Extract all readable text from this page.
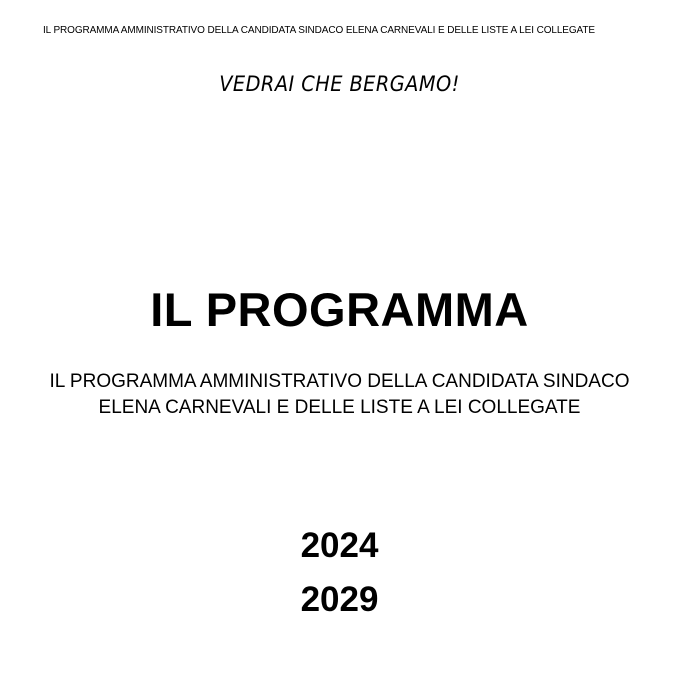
IL PROGRAMMA AMMINISTRATIVO DELLA CANDIDATA SINDACO ELENA CARNEVALI E DELLE LISTE A LEI COLLEGATE
VEDRAI CHE BERGAMO!
IL PROGRAMMA
IL PROGRAMMA AMMINISTRATIVO DELLA CANDIDATA SINDACO
ELENA CARNEVALI E DELLE LISTE A LEI COLLEGATE
2024
2029
